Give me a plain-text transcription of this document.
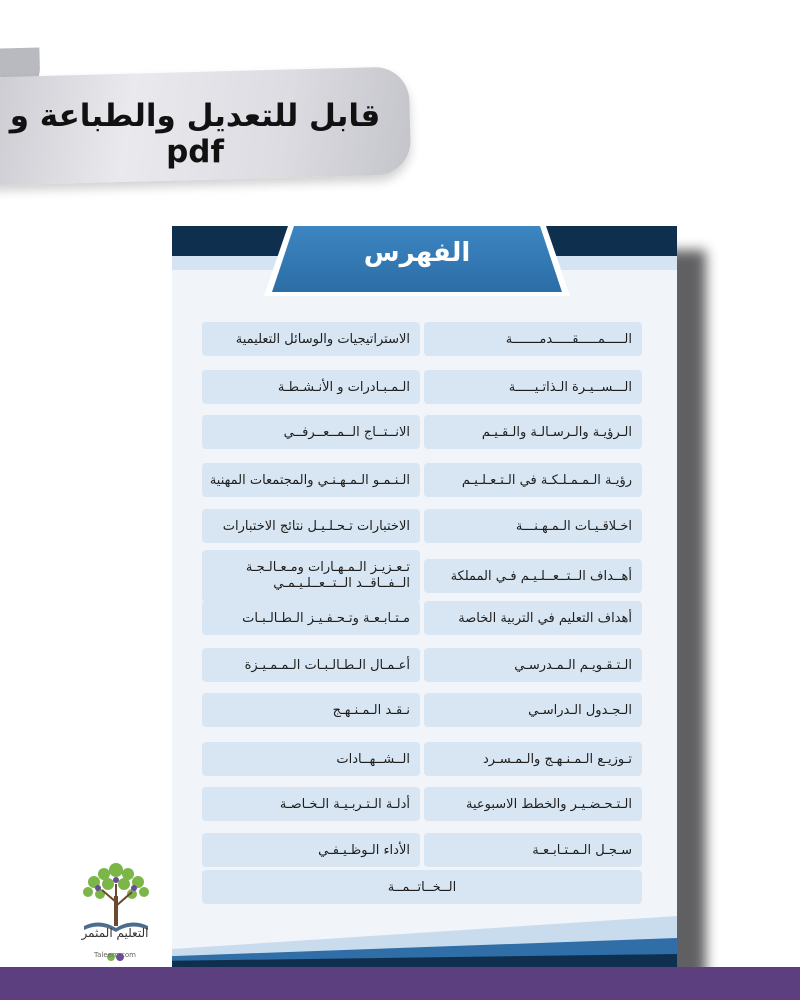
قابل للتعديل والطباعة و pdf
الفهرس
الـــــمـــــقـــــدمـــــــة
الـــســيـرة الـذاتـيـــــة
الـرؤيـة والـرسـالـة والـقـيـم
رؤيـة الـمـمـلـكـة في الـتـعـلـيـم
اخـلاقـيـات الـمـهـنـــة
أهــداف الــتــعــلـيـم فـي المملكة
أهداف التعليم في التربية الخاصة
الـتـقـويـم الـمـدرسـي
الـجـدول الـدراسـي
تـوزيـع الـمـنـهـج والـمـسـرد
الـتـحـضـيـر والخطط الاسبوعية
سـجـل الـمـتـابـعـة
الاستراتيجيات والوسائل التعليمية
الـمـبـادرات و الأنـشـطـة
الانــتــاج الــمــعــرفــي
الـنـمـو الـمـهـنـي والمجتمعات المهنية
الاختبارات تـحـلـيـل نتائج الاختبارات
تـعـزيـز الـمـهـارات ومـعـالـجـة الــفــاقــد الــتــعــلـيـمـي
مـتـابـعـة وتـحـفـيـز الـطـالـبـات
أعـمـال الـطـالـبـات الـمـمـيـزة
نـقـد الـمـنـهـج
الــشــهــادات
أدلـة الـتـربـيـة الـخـاصـة
الأداء الـوظـيـفـي
الــخــاتــمــة
التعليم المثمر
Taleem.com
